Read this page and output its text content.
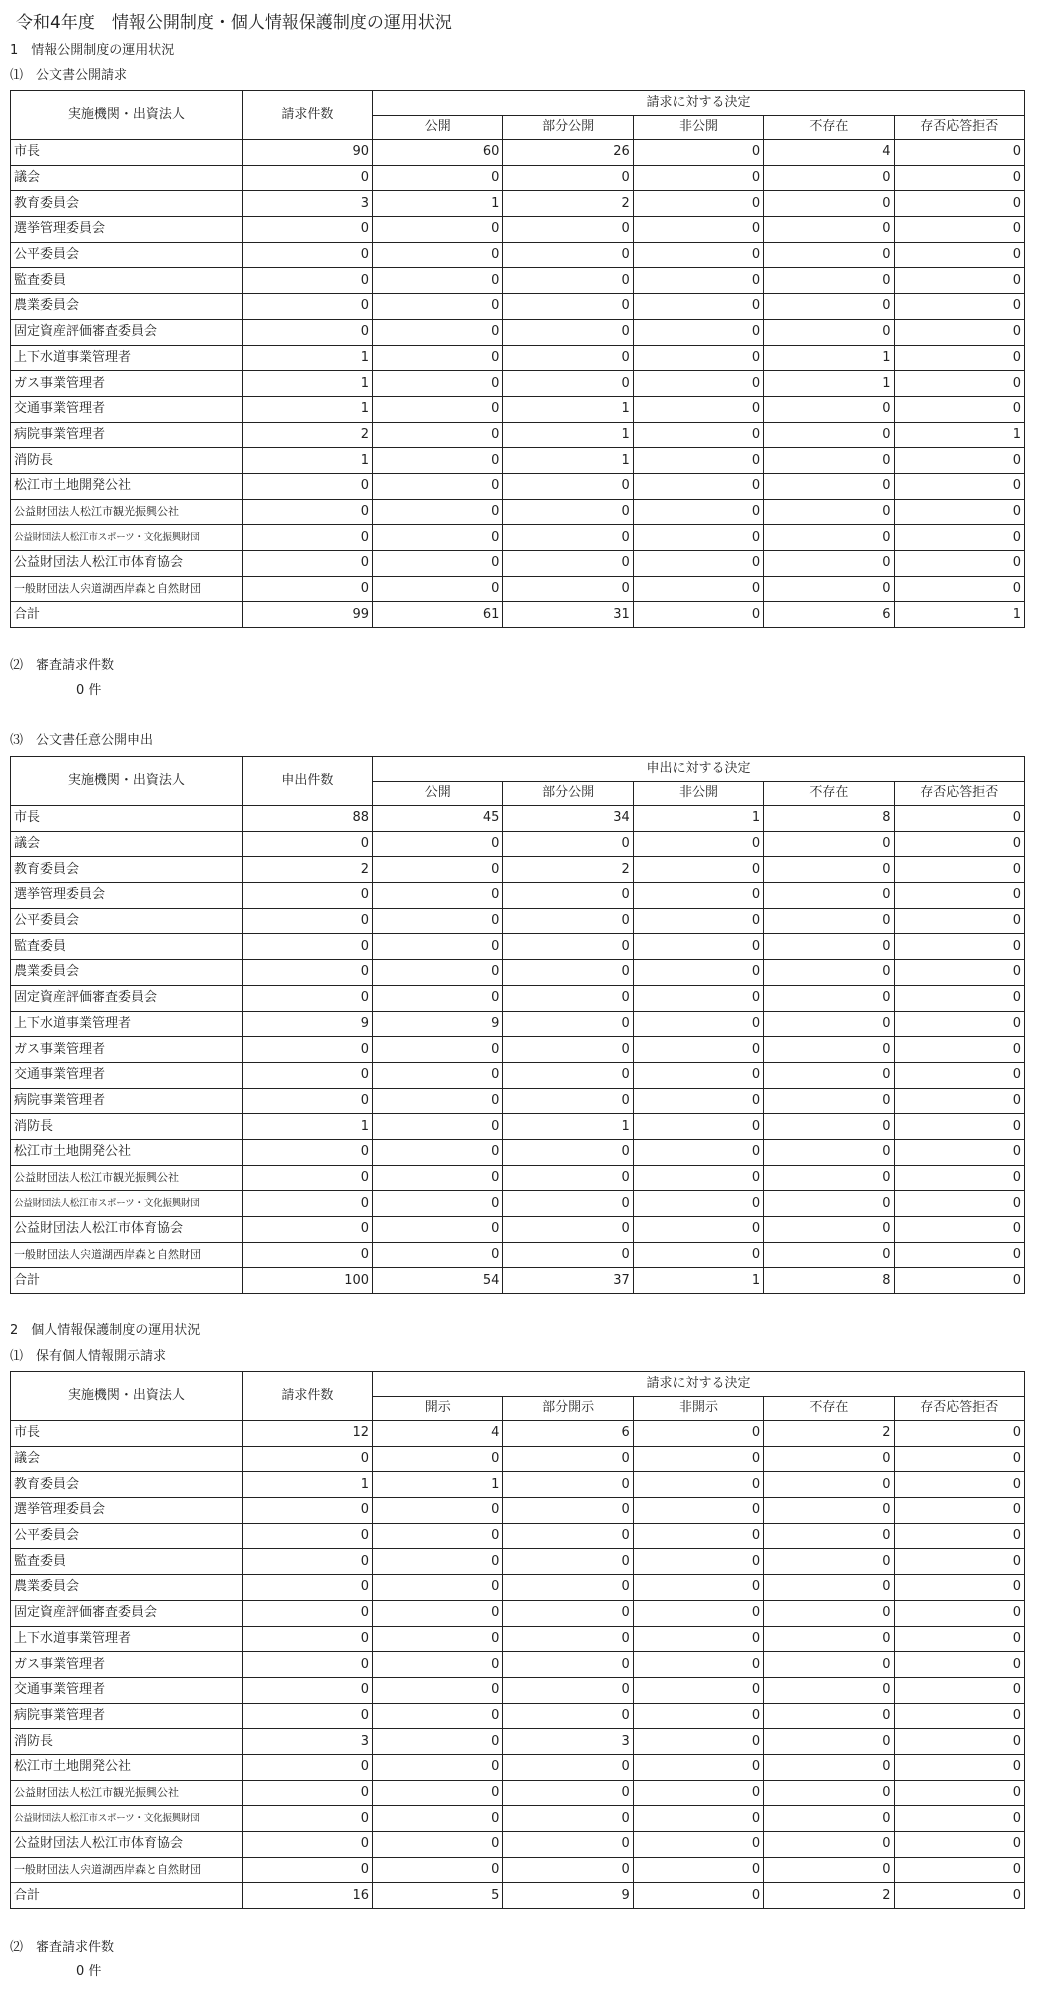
令和4年度　情報公開制度・個人情報保護制度の運用状況
1　情報公開制度の運用状況
⑴　公文書公開請求
実施機関・出資法人	請求件数	請求に対する決定				
		公開	部分公開	非公開	不存在	存否応答拒否
市長	90	60	26	0	4	0
議会	0	0	0	0	0	0
教育委員会	3	1	2	0	0	0
選挙管理委員会	0	0	0	0	0	0
公平委員会	0	0	0	0	0	0
監査委員	0	0	0	0	0	0
農業委員会	0	0	0	0	0	0
固定資産評価審査委員会	0	0	0	0	0	0
上下水道事業管理者	1	0	0	0	1	0
ガス事業管理者	1	0	0	0	1	0
交通事業管理者	1	0	1	0	0	0
病院事業管理者	2	0	1	0	0	1
消防長	1	0	1	0	0	0
松江市土地開発公社	0	0	0	0	0	0
公益財団法人松江市観光振興公社	0	0	0	0	0	0
公益財団法人松江市スポーツ・文化振興財団	0	0	0	0	0	0
公益財団法人松江市体育協会	0	0	0	0	0	0
一般財団法人宍道湖西岸森と自然財団	0	0	0	0	0	0
合計	99	61	31	0	6	1
⑵　審査請求件数
0 件
⑶　公文書任意公開申出
実施機関・出資法人	申出件数	申出に対する決定				
		公開	部分公開	非公開	不存在	存否応答拒否
市長	88	45	34	1	8	0
議会	0	0	0	0	0	0
教育委員会	2	0	2	0	0	0
選挙管理委員会	0	0	0	0	0	0
公平委員会	0	0	0	0	0	0
監査委員	0	0	0	0	0	0
農業委員会	0	0	0	0	0	0
固定資産評価審査委員会	0	0	0	0	0	0
上下水道事業管理者	9	9	0	0	0	0
ガス事業管理者	0	0	0	0	0	0
交通事業管理者	0	0	0	0	0	0
病院事業管理者	0	0	0	0	0	0
消防長	1	0	1	0	0	0
松江市土地開発公社	0	0	0	0	0	0
公益財団法人松江市観光振興公社	0	0	0	0	0	0
公益財団法人松江市スポーツ・文化振興財団	0	0	0	0	0	0
公益財団法人松江市体育協会	0	0	0	0	0	0
一般財団法人宍道湖西岸森と自然財団	0	0	0	0	0	0
合計	100	54	37	1	8	0
2　個人情報保護制度の運用状況
⑴　保有個人情報開示請求
実施機関・出資法人	請求件数	請求に対する決定				
		開示	部分開示	非開示	不存在	存否応答拒否
市長	12	4	6	0	2	0
議会	0	0	0	0	0	0
教育委員会	1	1	0	0	0	0
選挙管理委員会	0	0	0	0	0	0
公平委員会	0	0	0	0	0	0
監査委員	0	0	0	0	0	0
農業委員会	0	0	0	0	0	0
固定資産評価審査委員会	0	0	0	0	0	0
上下水道事業管理者	0	0	0	0	0	0
ガス事業管理者	0	0	0	0	0	0
交通事業管理者	0	0	0	0	0	0
病院事業管理者	0	0	0	0	0	0
消防長	3	0	3	0	0	0
松江市土地開発公社	0	0	0	0	0	0
公益財団法人松江市観光振興公社	0	0	0	0	0	0
公益財団法人松江市スポーツ・文化振興財団	0	0	0	0	0	0
公益財団法人松江市体育協会	0	0	0	0	0	0
一般財団法人宍道湖西岸森と自然財団	0	0	0	0	0	0
合計	16	5	9	0	2	0
⑵　審査請求件数
0 件
